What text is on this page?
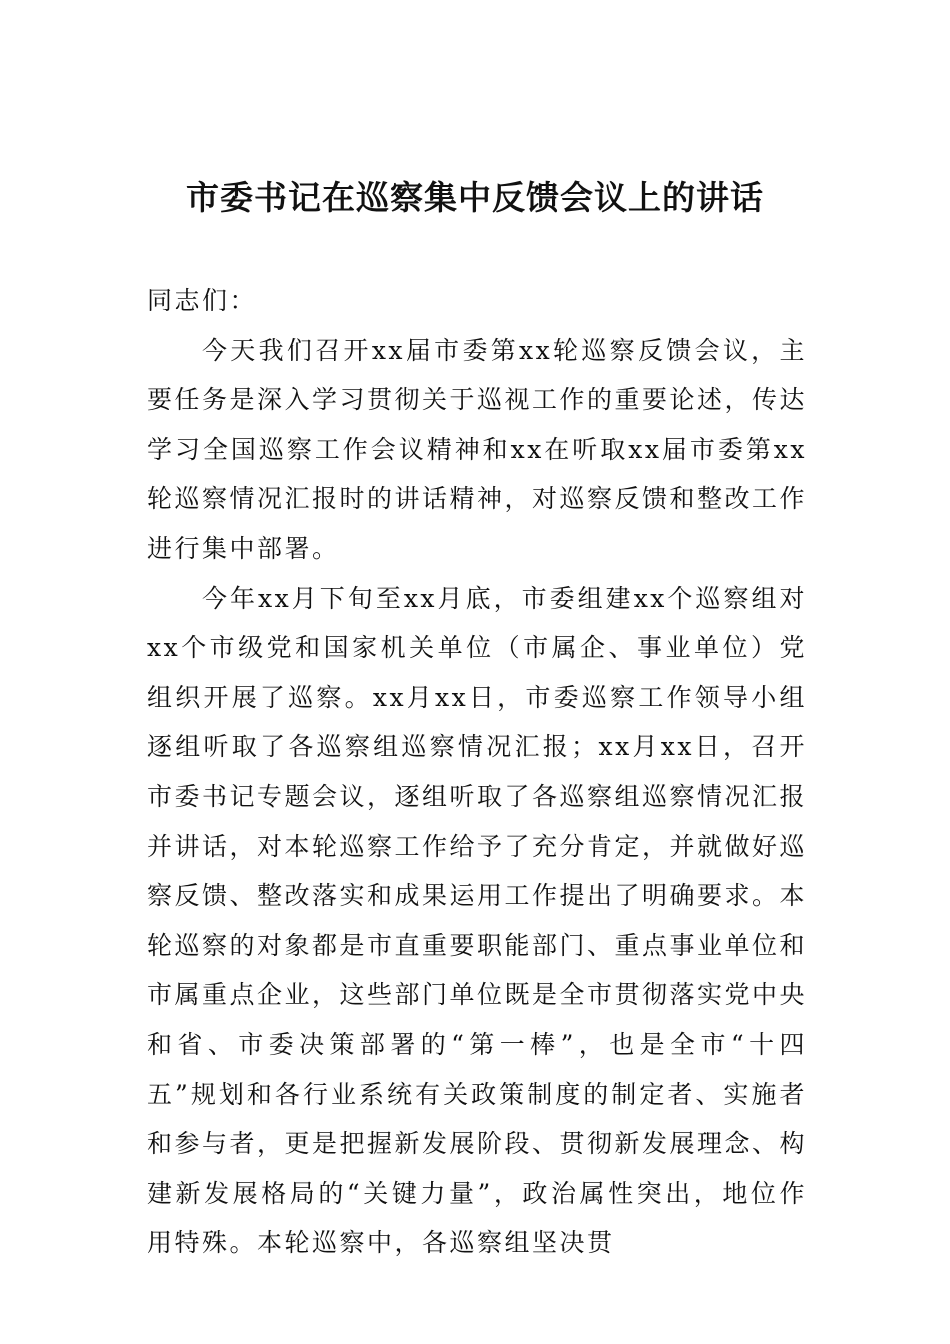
市委书记在巡察集中反馈会议上的讲话

同志们：

今天我们召开xx届市委第xx轮巡察反馈会议，主要任务是深入学习贯彻关于巡视工作的重要论述，传达学习全国巡察工作会议精神和xx在听取xx届市委第xx轮巡察情况汇报时的讲话精神，对巡察反馈和整改工作进行集中部署。

今年xx月下旬至xx月底，市委组建xx个巡察组对xx个市级党和国家机关单位（市属企、事业单位）党组织开展了巡察。xx月xx日，市委巡察工作领导小组逐组听取了各巡察组巡察情况汇报；xx月xx日，召开市委书记专题会议，逐组听取了各巡察组巡察情况汇报并讲话，对本轮巡察工作给予了充分肯定，并就做好巡察反馈、整改落实和成果运用工作提出了明确要求。本轮巡察的对象都是市直重要职能部门、重点事业单位和市属重点企业，这些部门单位既是全市贯彻落实党中央和省、市委决策部署的“第一棒”，也是全市“十四五”规划和各行业系统有关政策制度的制定者、实施者和参与者，更是把握新发展阶段、贯彻新发展理念、构建新发展格局的“关键力量”，政治属性突出，地位作用特殊。本轮巡察中，各巡察组坚决贯
